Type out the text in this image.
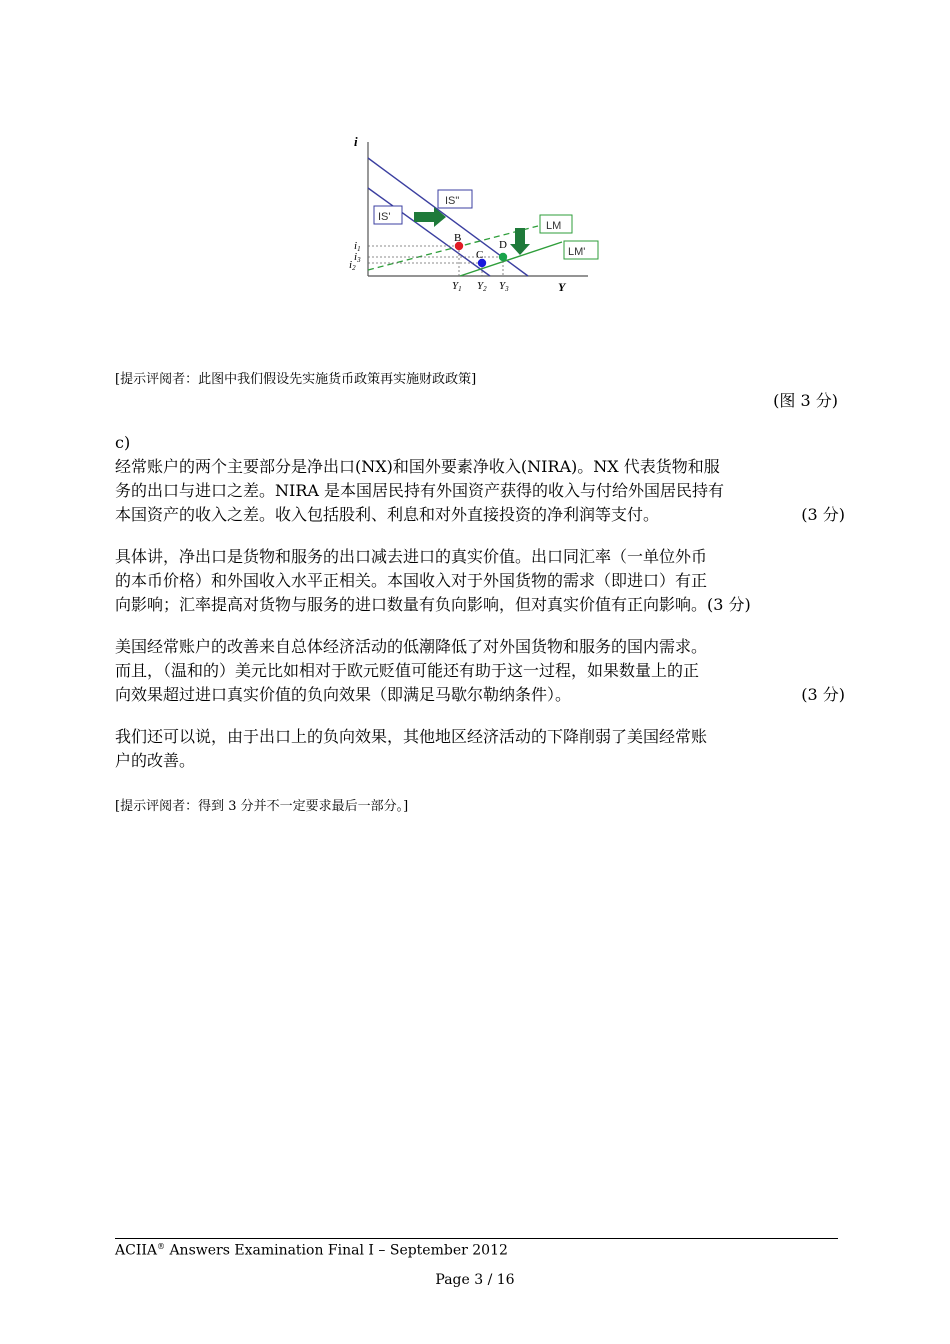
i
Y
IS'
IS"
LM
LM'
B
C
D
i1
i3
i2
Y1 Y2 Y3
[提示评阅者：此图中我们假设先实施货币政策再实施财政政策]
(图 3 分)
c)
经常账户的两个主要部分是净出口(NX)和国外要素净收入(NIRA)。NX 代表货物和服
务的出口与进口之差。NIRA 是本国居民持有外国资产获得的收入与付给外国居民持有
本国资产的收入之差。收入包括股利、利息和对外直接投资的净利润等支付。	(3 分)
具体讲，净出口是货物和服务的出口减去进口的真实价值。出口同汇率（一单位外币
的本币价格）和外国收入水平正相关。本国收入对于外国货物的需求（即进口）有正
向影响；汇率提高对货物与服务的进口数量有负向影响，但对真实价值有正向影响。(3 分)
美国经常账户的改善来自总体经济活动的低潮降低了对外国货物和服务的国内需求。
而且，（温和的）美元比如相对于欧元贬值可能还有助于这一过程，如果数量上的正
向效果超过进口真实价值的负向效果（即满足马歇尔勒纳条件）。	(3 分)
我们还可以说，由于出口上的负向效果，其他地区经济活动的下降削弱了美国经常账
户的改善。
[提示评阅者：得到 3 分并不一定要求最后一部分。]
ACIIA® Answers Examination Final I – September 2012
Page 3 / 16
